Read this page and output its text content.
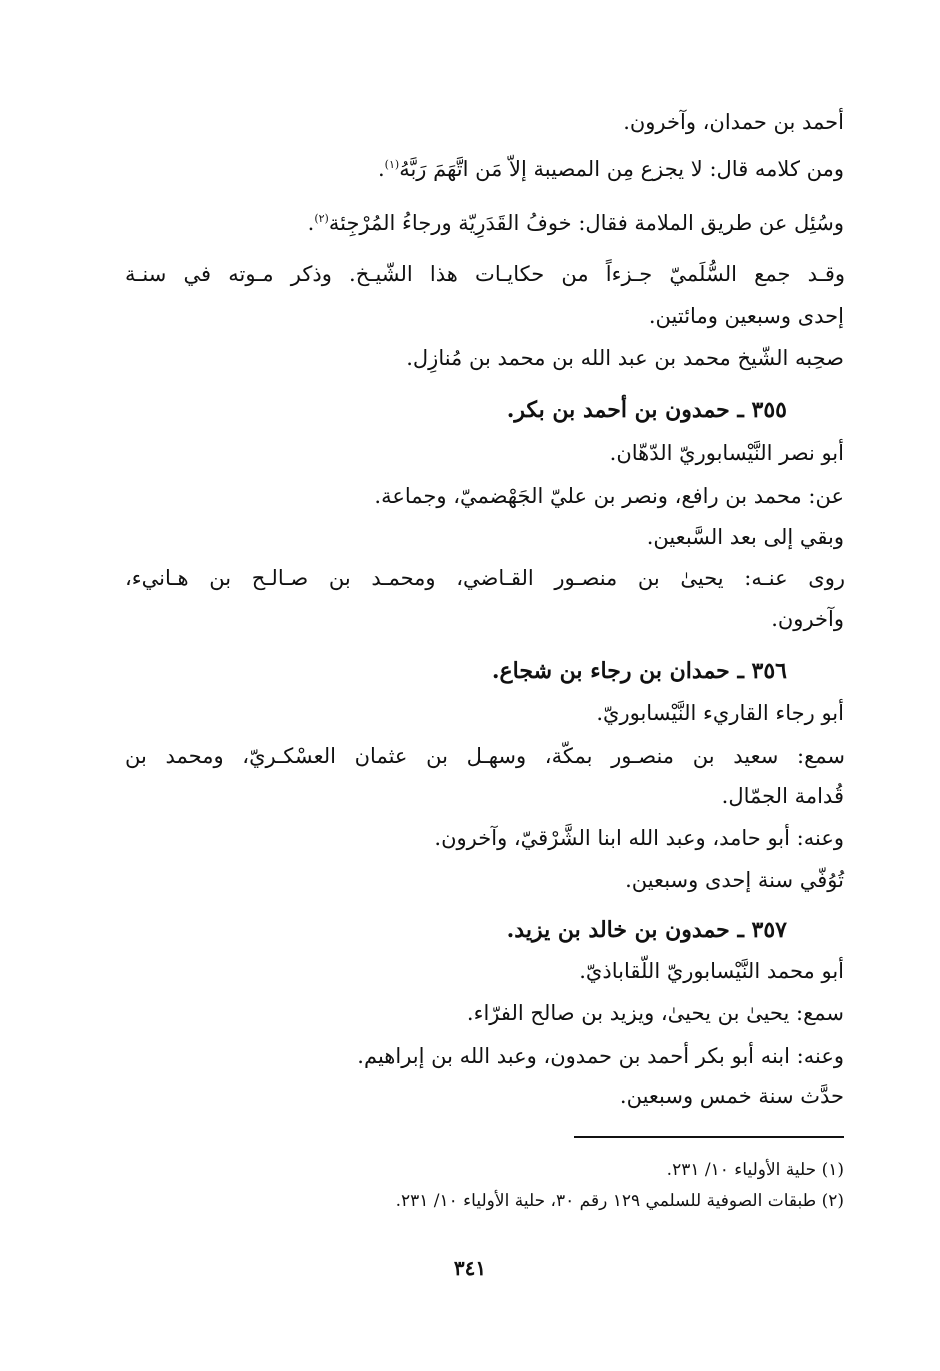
أحمد بن حمدان، وآخرون.
ومن كلامه قال: لا يجزع مِن المصيبة إلاّ مَن اتَّهَمَ رَبَّهُ$^{(١)}$.
وسُئِل عن طريق الملامة فقال: خوفُ القَدَرِيّة ورجاءُ المُرْجِئة$^{(٢)}$.
وقـد جمع السُّلَميّ جـزءاً من حكايـات هذا الشّيـخ. وذكر مـوته في سنـة
إحدى وسبعين ومائتين.
صحِبه الشّيخ محمد بن عبد الله بن محمد بن مُنازِل.
٣٥٥ ـ حمدون بن أحمد بن بكر.
أبو نصر النَّيْسابوريّ الدّهّان.
عن: محمد بن رافع، ونصر بن عليّ الجَهْضميّ، وجماعة.
وبقي إلى بعد السَّبعين.
روى عنـه: يحيىٰ بن منصـور القـاضي، ومحمـد بن صـالـح بن هـانيء،
وآخرون.
٣٥٦ ـ حمدان بن رجاء بن شجاع.
أبو رجاء القاريء النَّيْسابوريّ.
سمع: سعيد بن منصـور بمكّة، وسهـل بن عثمان العسْكـريّ، ومحمد بن
قُدامة الجمّال.
وعنه: أبو حامد، وعبد الله ابنا الشَّرْقيّ، وآخرون.
تُوُفّي سنة إحدى وسبعين.
٣٥٧ ـ حمدون بن خالد بن يزيد.
أبو محمد النَّيْسابوريّ اللّقاباذيّ.
سمع: يحيىٰ بن يحيىٰ، ويزيد بن صالح الفرّاء.
وعنه: ابنه أبو بكر أحمد بن حمدون، وعبد الله بن إبراهيم.
حدَّث سنة خمس وسبعين.
(١) حلية الأولياء ١٠/ ٢٣١.
(٢) طبقات الصوفية للسلمي ١٢٩ رقم ٣٠، حلية الأولياء ١٠/ ٢٣١.
٣٤١
